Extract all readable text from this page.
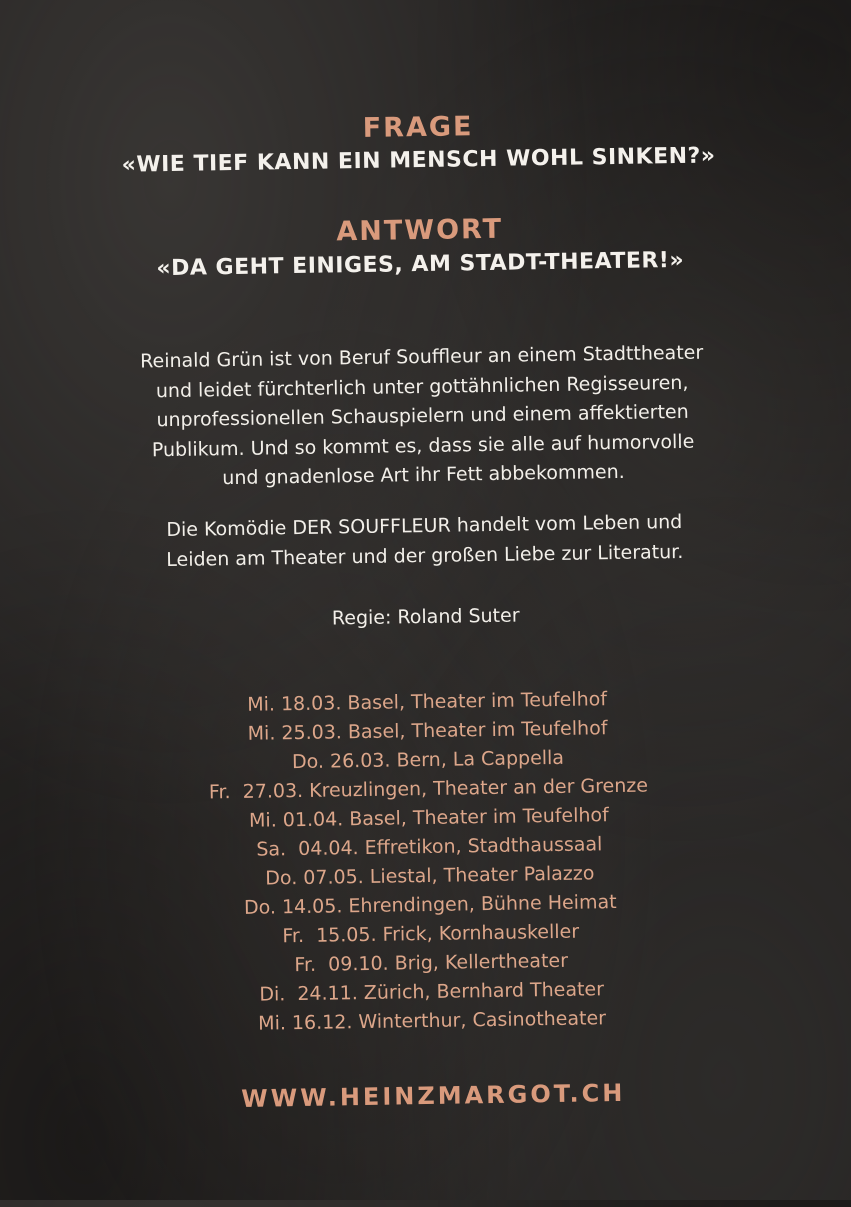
FRAGE
«WIE TIEF KANN EIN MENSCH WOHL SINKEN?»
ANTWORT
«DA GEHT EINIGES, AM STADT-THEATER!»
Reinald Grün ist von Beruf Souffleur an einem Stadttheater
und leidet fürchterlich unter gottähnlichen Regisseuren,
unprofessionellen Schauspielern und einem affektierten
Publikum. Und so kommt es, dass sie alle auf humorvolle
und gnadenlose Art ihr Fett abbekommen.
Die Komödie DER SOUFFLEUR handelt vom Leben und
Leiden am Theater und der großen Liebe zur Literatur.
Regie: Roland Suter
Mi. 18.03. Basel, Theater im Teufelhof
Mi. 25.03. Basel, Theater im Teufelhof
Do. 26.03. Bern, La Cappella
Fr.  27.03. Kreuzlingen, Theater an der Grenze
Mi. 01.04. Basel, Theater im Teufelhof
Sa.  04.04. Effretikon, Stadthaussaal
Do. 07.05. Liestal, Theater Palazzo
Do. 14.05. Ehrendingen, Bühne Heimat
Fr.  15.05. Frick, Kornhauskeller
Fr.  09.10. Brig, Kellertheater
Di.  24.11. Zürich, Bernhard Theater
Mi. 16.12. Winterthur, Casinotheater
WWW.HEINZMARGOT.CH
